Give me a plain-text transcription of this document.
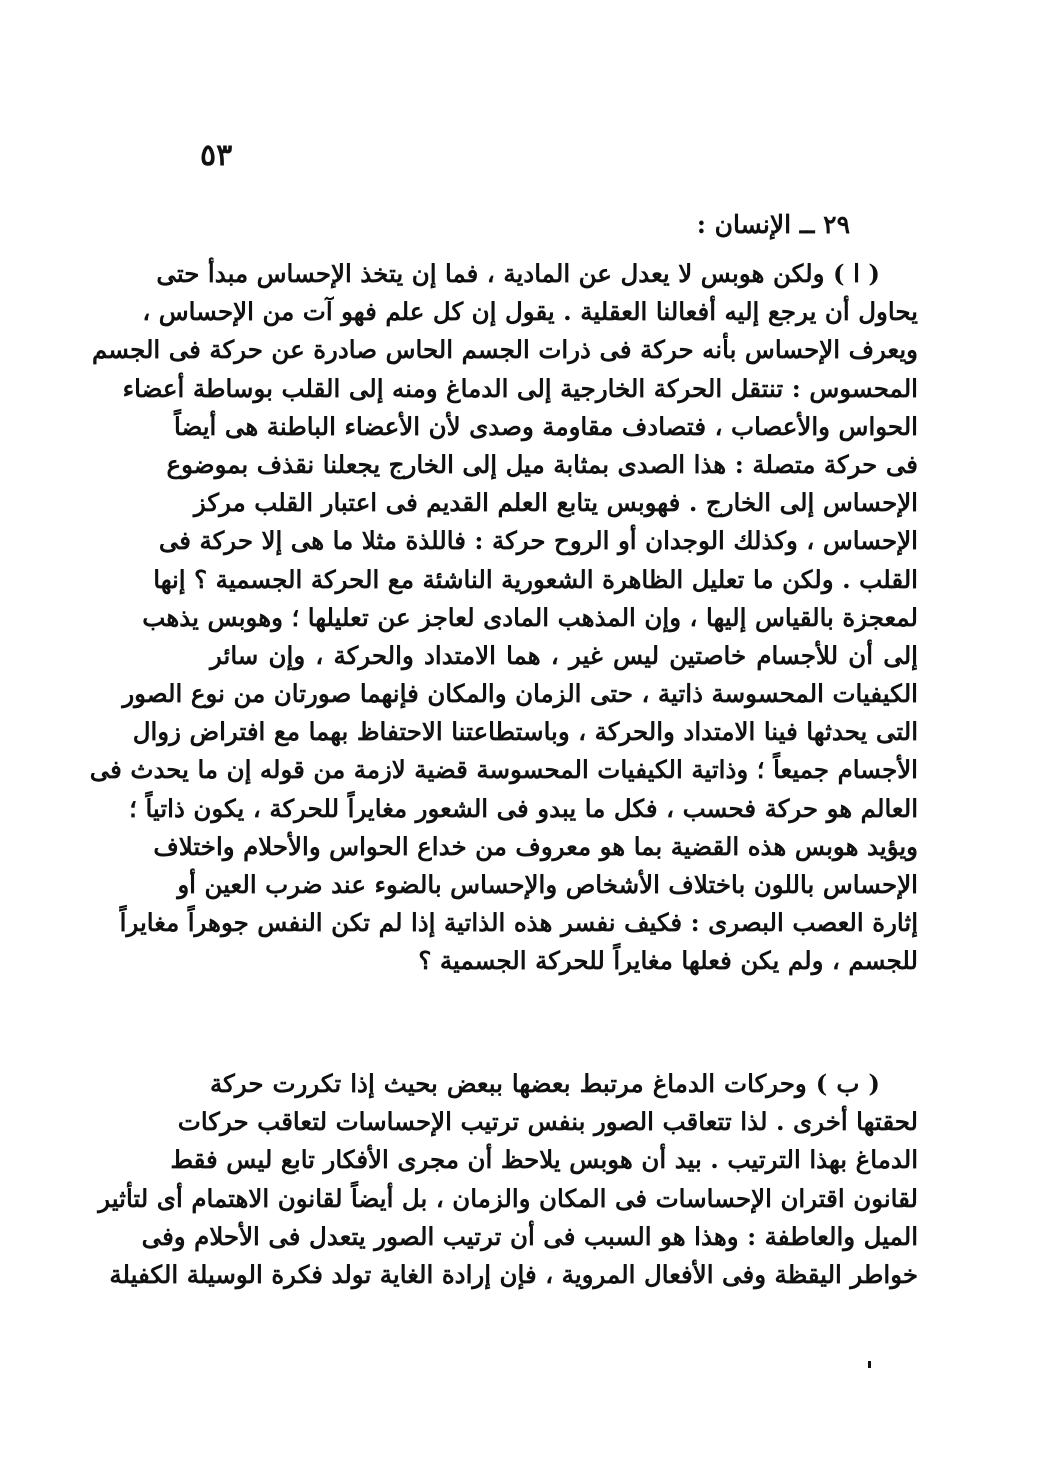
٥٣
٢٩ ــ الإنسان :
( ا ) ولكن هوبس لا يعدل عن المادية ، فما إن يتخذ الإحساس مبدأ حتى
يحاول أن يرجع إليه أفعالنا العقلية . يقول إن كل علم فهو آت من الإحساس ،
ويعرف الإحساس بأنه حركة فى ذرات الجسم الحاس صادرة عن حركة فى الجسم
المحسوس : تنتقل الحركة الخارجية إلى الدماغ ومنه إلى القلب بوساطة أعضاء
الحواس والأعصاب ، فتصادف مقاومة وصدى لأن الأعضاء الباطنة هى أيضاً
فى حركة متصلة : هذا الصدى بمثابة ميل إلى الخارج يجعلنا نقذف بموضوع
الإحساس إلى الخارج . فهوبس يتابع العلم القديم فى اعتبار القلب مركز
الإحساس ، وكذلك الوجدان أو الروح حركة : فاللذة مثلا ما هى إلا حركة فى
القلب . ولكن ما تعليل الظاهرة الشعورية الناشئة مع الحركة الجسمية ؟ إنها
لمعجزة بالقياس إليها ، وإن المذهب المادى لعاجز عن تعليلها ؛ وهوبس يذهب
إلى أن للأجسام خاصتين ليس غير ، هما الامتداد والحركة ، وإن سائر
الكيفيات المحسوسة ذاتية ، حتى الزمان والمكان فإنهما صورتان من نوع الصور
التى يحدثها فينا الامتداد والحركة ، وباستطاعتنا الاحتفاظ بهما مع افتراض زوال
الأجسام جميعاً ؛ وذاتية الكيفيات المحسوسة قضية لازمة من قوله إن ما يحدث فى
العالم هو حركة فحسب ، فكل ما يبدو فى الشعور مغايراً للحركة ، يكون ذاتياً ؛
ويؤيد هوبس هذه القضية بما هو معروف من خداع الحواس والأحلام واختلاف
الإحساس باللون باختلاف الأشخاص والإحساس بالضوء عند ضرب العين أو
إثارة العصب البصرى : فكيف نفسر هذه الذاتية إذا لم تكن النفس جوهراً مغايراً
للجسم ، ولم يكن فعلها مغايراً للحركة الجسمية ؟
( ب ) وحركات الدماغ مرتبط بعضها ببعض بحيث إذا تكررت حركة
لحقتها أخرى . لذا تتعاقب الصور بنفس ترتيب الإحساسات لتعاقب حركات
الدماغ بهذا الترتيب . بيد أن هوبس يلاحظ أن مجرى الأفكار تابع ليس فقط
لقانون اقتران الإحساسات فى المكان والزمان ، بل أيضاً لقانون الاهتمام أى لتأثير
الميل والعاطفة : وهذا هو السبب فى أن ترتيب الصور يتعدل فى الأحلام وفى
خواطر اليقظة وفى الأفعال المروية ، فإن إرادة الغاية تولد فكرة الوسيلة الكفيلة
